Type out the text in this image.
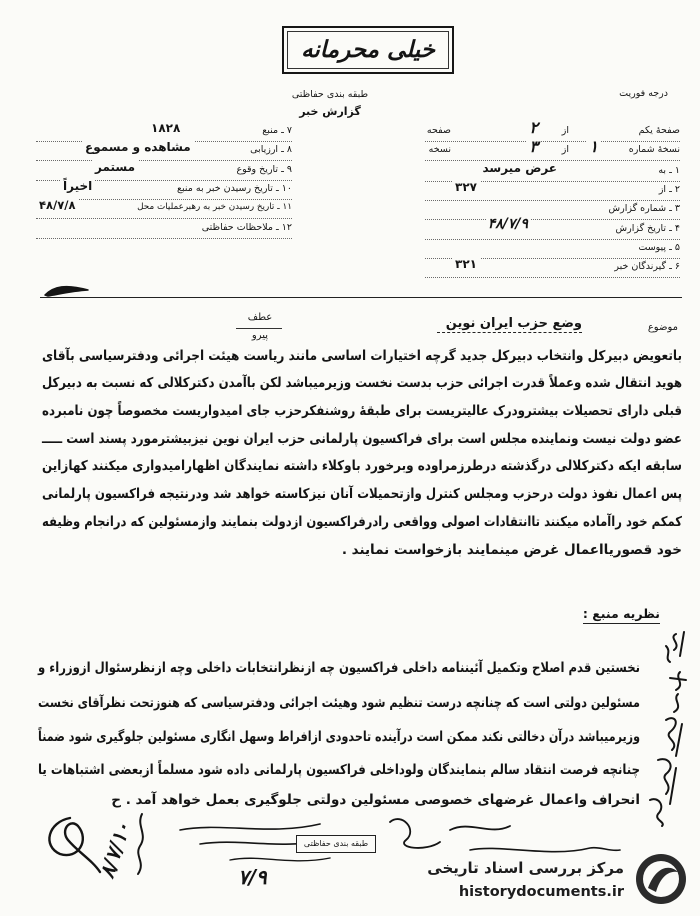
خیلی محرمانه
درجه فوریت
طبقه بندی حفاظتی
گزارش خبر
صفحهٔ یکم
از
۲
صفحه
نسخهٔ شماره
۱
از
۳
نسخه
۱ ـ به
عرض میرسد
۲ ـ از
۳۲۷
۳ ـ شماره گزارش
۴ ـ تاریخ گزارش
۴۸/۷/۹
۵ ـ پیوست
۶ ـ گیرندگان خبر
۳۲۱
۷ ـ منبع
۱۸۲۸
۸ ـ ارزیابی
مشاهده و مسموع
۹ ـ تاریخ وقوع
مستمر
۱۰ ـ تاریخ رسیدن خبر به منبع
اخیراً
۱۱ ـ تاریخ رسیدن خبر به رهبرعملیات محل
۴۸/۷/۸
۱۲ ـ ملاحظات حفاظتی
موضوع
وضع حزب ایران نوین
عطف
پیرو
باتعویض دبیرکل وانتخاب دبیرکل جدید گرچه اختیارات اساسی مانند ریاست هیئت اجرائی ودفترسیاسی بآقای
هوید انتقال شده وعملاً قدرت اجرائی حزب بدست نخست وزیرمیباشد لکن باآمدن دکترکلالی که نسبت به دبیرکل
قبلی دارای تحصیلات بیشترودرک عالیتریست برای طبقهٔ روشنفکرحزب جای امیدواریست مخصوصاً چون نامبرده
عضو دولت نیست ونماینده مجلس است برای فراکسیون پارلمانی حزب ایران نوین نیزبیشترمورد پسند است ـــــ
سابقه ایکه دکترکلالی درگذشته درطرزمراوده وبرخورد باوکلاء داشته نمایندگان اظهارامیدواری میکنند کهازاین
پس اعمال نفوذ دولت درحزب ومجلس کنترل وازتحمیلات آنان نیزکاسته خواهد شد ودرنتیجه فراکسیون پارلمانی
کمکم خود راآماده میکنند تاانتقادات اصولی وواقعی رادرفراکسیون ازدولت بنمایند وازمسئولین که درانجام وظیفه
خود قصوریااعمال غرض مینمایند بازخواست نمایند .
نظریه منبع :
نخستین قدم اصلاح وتکمیل آئیننامه داخلی فراکسیون چه ازنظرانتخابات داخلی وچه ازنظرسئوال ازوزراء و
مسئولین دولتی است که چنانچه درست تنظیم شود وهیئت اجرائی ودفترسیاسی که هنوزتحت نظرآقای نخست
وزیرمیباشد درآن دخالتی نکند ممکن است درآینده تاحدودی ازافراط وسهل انگاری مسئولین جلوگیری شود ضمناً
چنانچه فرصت انتقاد سالم بنمایندگان ولوداخلی فراکسیون پارلمانی داده شود مسلماً ازبعضی اشتباهات یا
انحراف واعمال غرضهای خصوصی مسئولین دولتی جلوگیری بعمل خواهد آمد . ح
طبقه بندی حفاظتی
۸/۷/۱۰	۷/۹	مرکز بررسی اسناد تاریخی
historydocuments.ir
